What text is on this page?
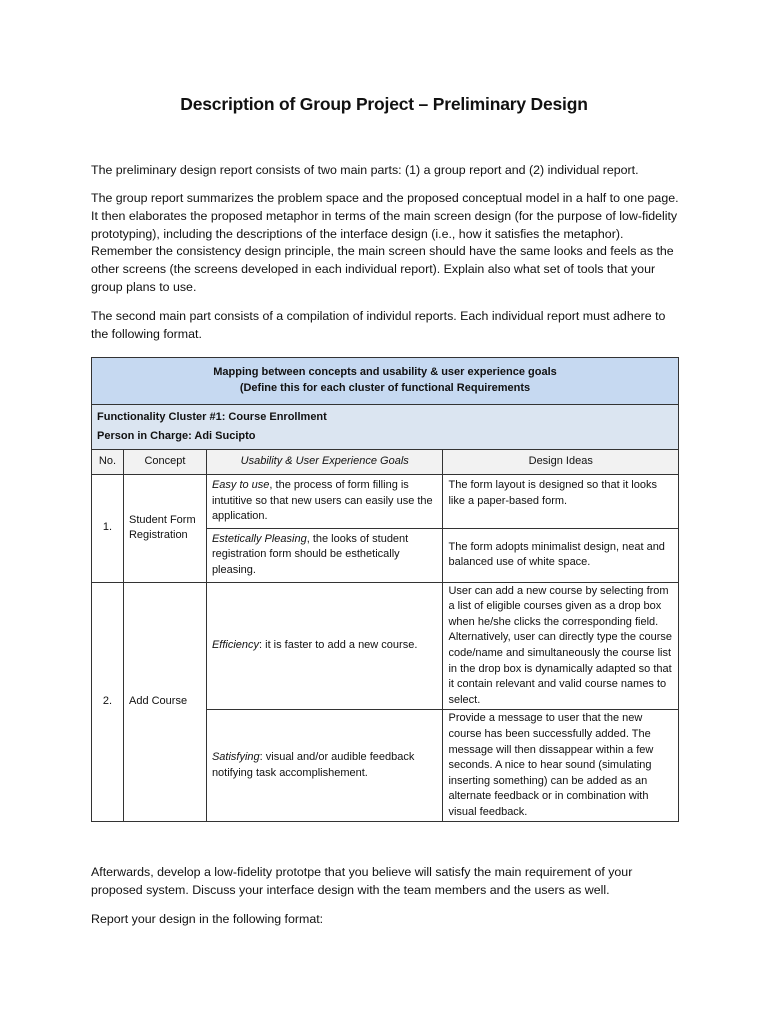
Description of Group Project – Preliminary Design
The preliminary design report consists of two main parts: (1) a group report and (2) individual report.
The group report summarizes the problem space and the proposed conceptual model in a half to one page. It then elaborates the proposed metaphor in terms of the main screen design (for the purpose of low-fidelity prototyping), including the descriptions of the interface design (i.e., how it satisfies the metaphor). Remember the consistency design principle, the main screen should have the same looks and feels as the other screens (the screens developed in each individual report). Explain also what set of tools that your group plans to use.
The second main part consists of a compilation of individul reports. Each individual report must adhere to the following format.
Mapping between concepts and usability & user experience goals
(Define this for each cluster of functional Requirements			

Functionality Cluster #1: Course Enrollment
Person in Charge: Adi Sucipto			

No.	Concept	Usability & User Experience Goals	Design Ideas
1.	Student Form Registration	Easy to use, the process of form filling is intutitive so that new users can easily use the application.	The form layout is designed so that it looks like a paper-based form.
		Estetically Pleasing, the looks of student registration form should be esthetically pleasing.	The form adopts minimalist design, neat and balanced use of white space.
2.	Add Course	Efficiency: it is faster to add a new course.	User can add a new course by selecting from a list of eligible courses given as a drop box when he/she clicks the corresponding field. Alternatively, user can directly type the course code/name and simultaneously the course list in the drop box is dynamically adapted so that it contain relevant and valid course names to select.
		Satisfying: visual and/or audible feedback notifying task accomplishement.	Provide a message to user that the new course has been successfully added. The message will then dissappear within a few seconds. A nice to hear sound (simulating inserting something) can be added as an alternate feedback or in combination with visual feedback.
Afterwards, develop a low-fidelity prototpe that you believe will satisfy the main requirement of your proposed system. Discuss your interface design with the team members and the users as well.
Report your design in the following format:
